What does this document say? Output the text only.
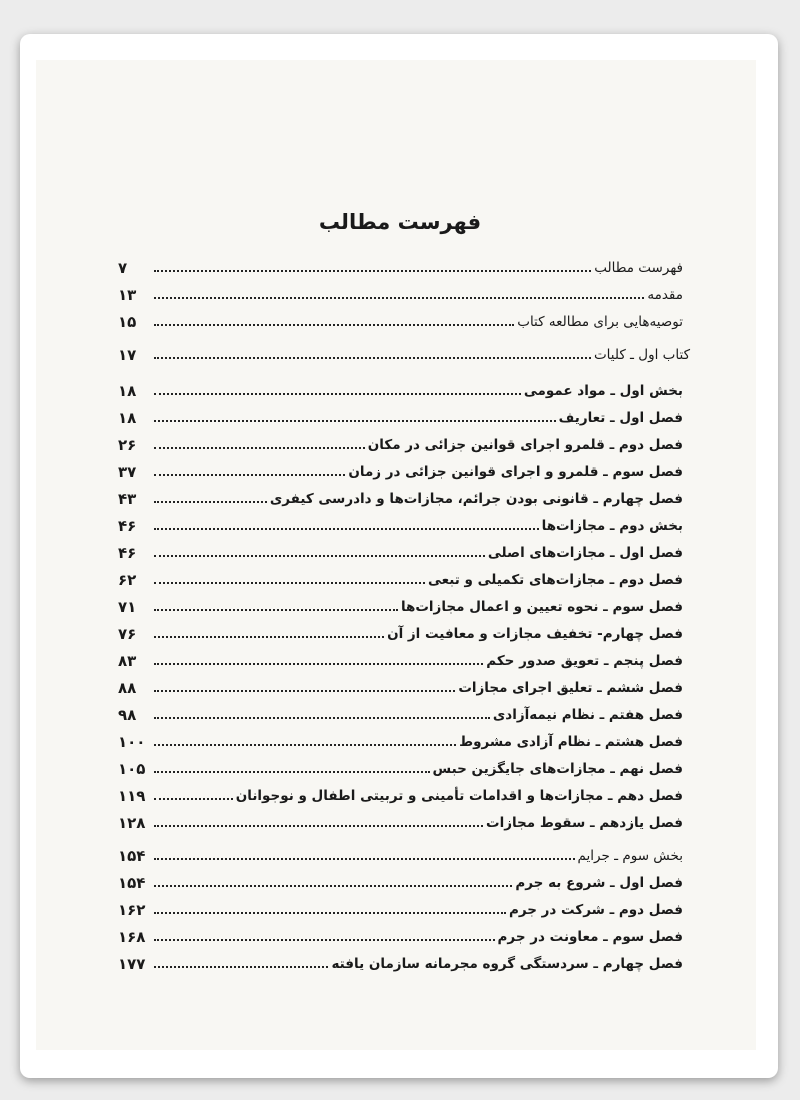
فهرست مطالب
فهرست مطالب
۷
مقدمه
۱۳
توصیه‌هایی برای مطالعه کتاب
۱۵
کتاب اول ـ کلیات
۱۷
بخش اول ـ مواد عمومی
۱۸
فصل اول ـ تعاریف
۱۸
فصل دوم ـ قلمرو اجرای قوانین جزائی در مکان
۲۶
فصل سوم ـ قلمرو و اجرای قوانین جزائی در زمان
۳۷
فصل چهارم ـ قانونی بودن جرائم، مجازات‌ها و دادرسی کیفری
۴۳
بخش دوم ـ مجازات‌ها
۴۶
فصل اول ـ مجازات‌های اصلی
۴۶
فصل دوم ـ مجازات‌های تکمیلی و تبعی
۶۲
فصل سوم ـ نحوه تعیین و اعمال مجازات‌ها
۷۱
فصل چهارم- تخفیف مجازات و معافیت از آن
۷۶
فصل پنجم ـ تعویق صدور حکم
۸۳
فصل ششم ـ تعلیق اجرای مجازات
۸۸
فصل هفتم ـ نظام نیمه‌آزادی
۹۸
فصل هشتم ـ نظام آزادی مشروط
۱۰۰
فصل نهم ـ مجازات‌های جایگزین حبس
۱۰۵
فصل دهم ـ مجازات‌ها و اقدامات تأمینی و تربیتی اطفال و نوجوانان
۱۱۹
فصل یازدهم ـ سقوط مجازات
۱۲۸
بخش سوم ـ جرایم
۱۵۴
فصل اول ـ شروع به جرم
۱۵۴
فصل دوم ـ شرکت در جرم
۱۶۲
فصل سوم ـ معاونت در جرم
۱۶۸
فصل چهارم ـ سردستگی گروه مجرمانه سازمان یافته
۱۷۷
